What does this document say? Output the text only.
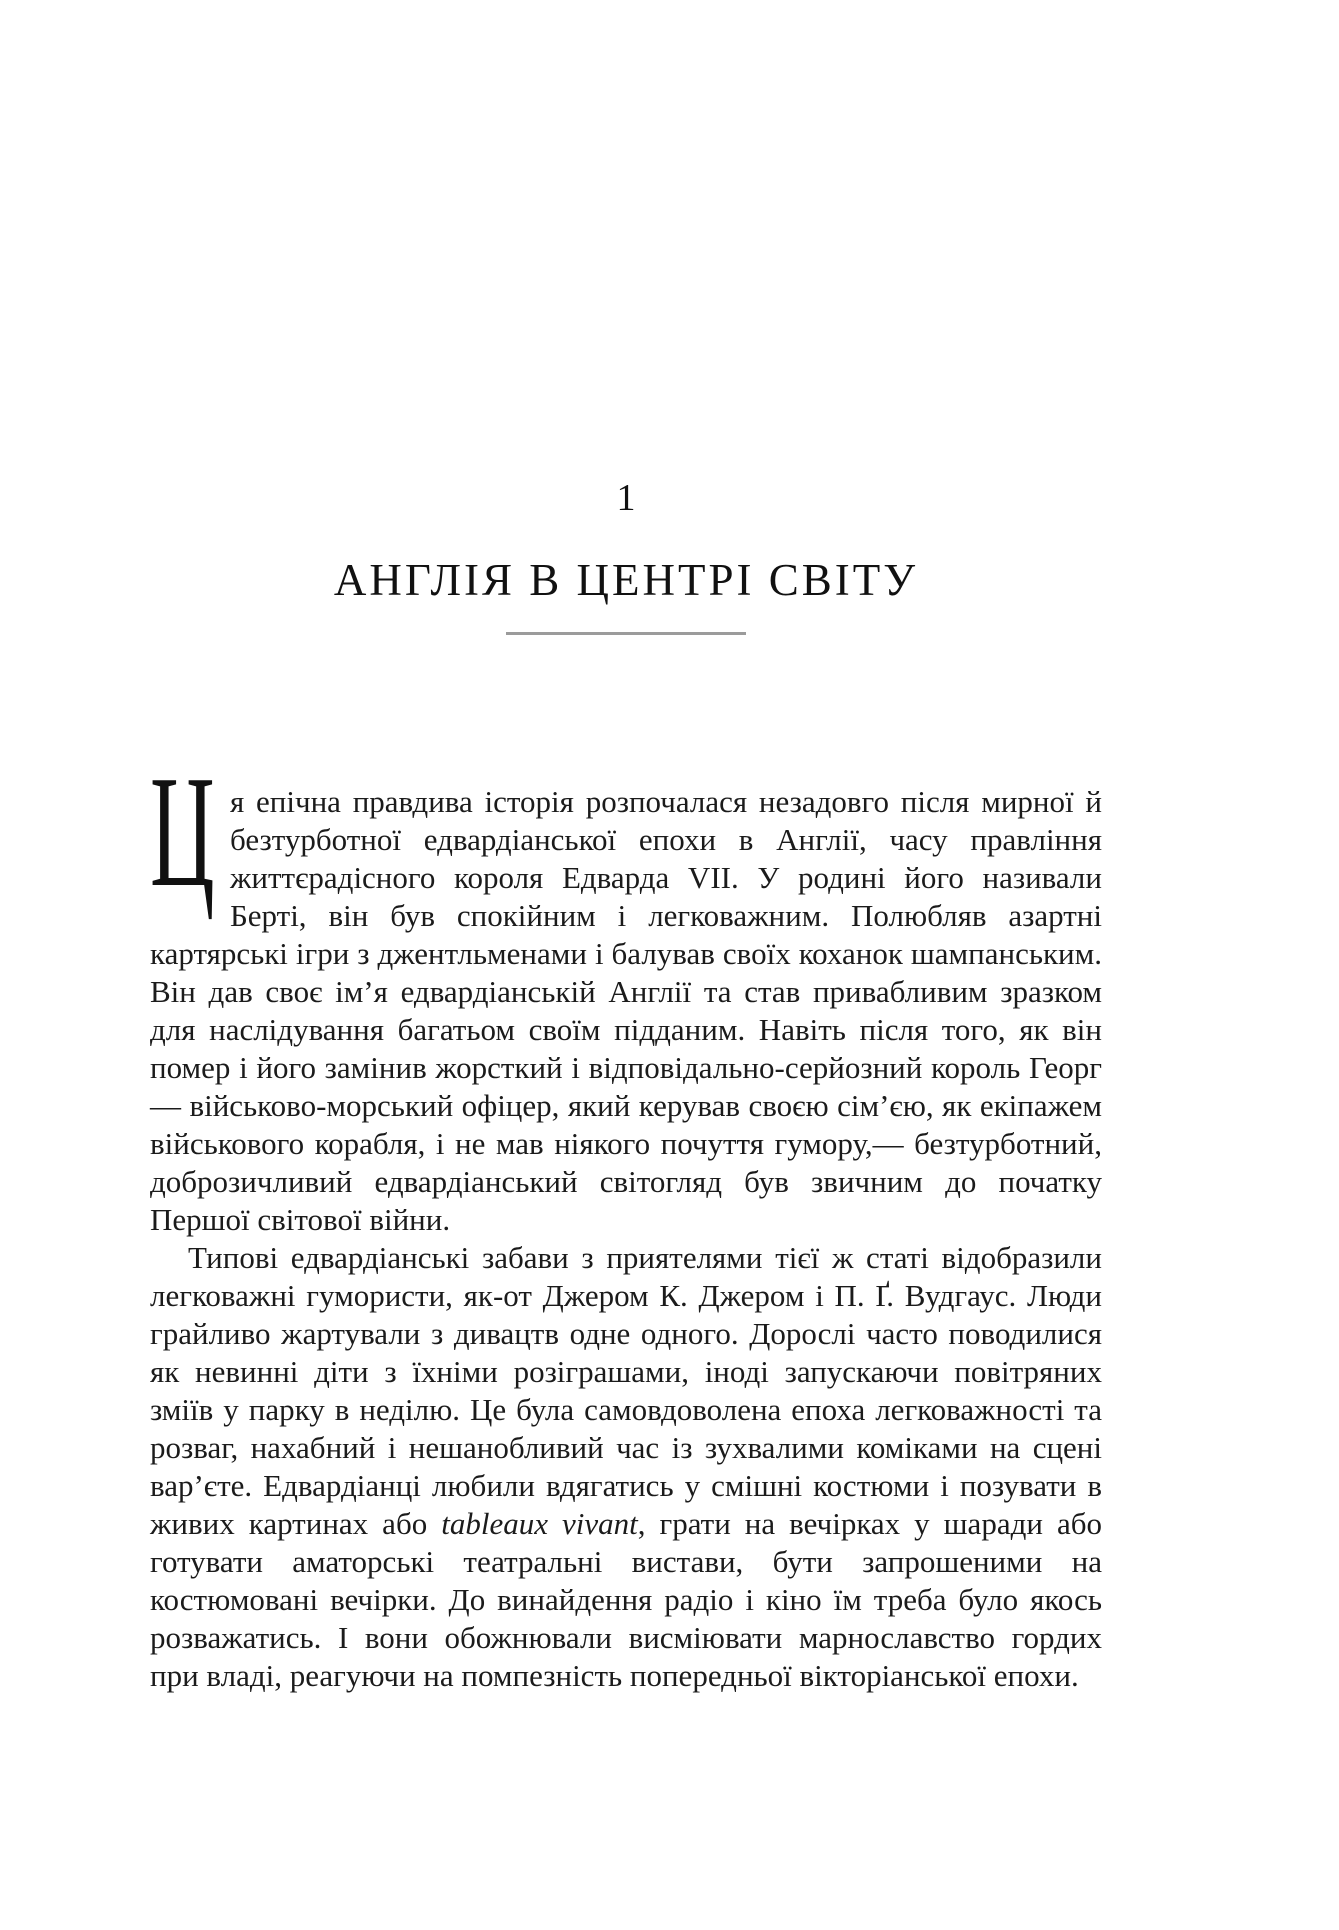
1
АНГЛІЯ В ЦЕНТРІ СВІТУ

Ця епічна правдива історія розпочалася незадовго після мирної й безтурботної едвардіанської епохи в Англії, часу правління життєрадісного короля Едварда VII. У родині його називали Берті, він був спокійним і легковажним. Полюбляв азартні картярські ігри з джентльменами і балував своїх коханок шампанським. Він дав своє ім’я едвардіанській Англії та став привабливим зразком для наслідування багатьом своїм підданим. Навіть після того, як він помер і його замінив жорсткий і відповідально-серйозний король Георг — військово-морський офіцер, який керував своєю сім’єю, як екіпажем військового корабля, і не мав ніякого почуття гумору,— безтурботний, доброзичливий едвардіанський світогляд був звичним до початку Першої світової війни.

Типові едвардіанські забави з приятелями тієї ж статі відобразили легковажні гумористи, як-от Джером К. Джером і П. Ґ. Вудгаус. Люди грайливо жартували з дивацтв одне одного. Дорослі часто поводилися як невинні діти з їхніми розіграшами, іноді запускаючи повітряних зміїв у парку в неділю. Це була самовдоволена епоха легковажності та розваг, нахабний і нешанобливий час із зухвалими коміками на сцені вар’єте. Едвардіанці любили вдягатись у смішні костюми і позувати в живих картинах або tableaux vivant, грати на вечірках у шаради або готувати аматорські театральні вистави, бути запрошеними на костюмовані вечірки. До винайдення радіо і кіно їм треба було якось розважатись. І вони обожнювали висміювати марнославство гордих при владі, реагуючи на помпезність попередньої вікторіанської епохи.
